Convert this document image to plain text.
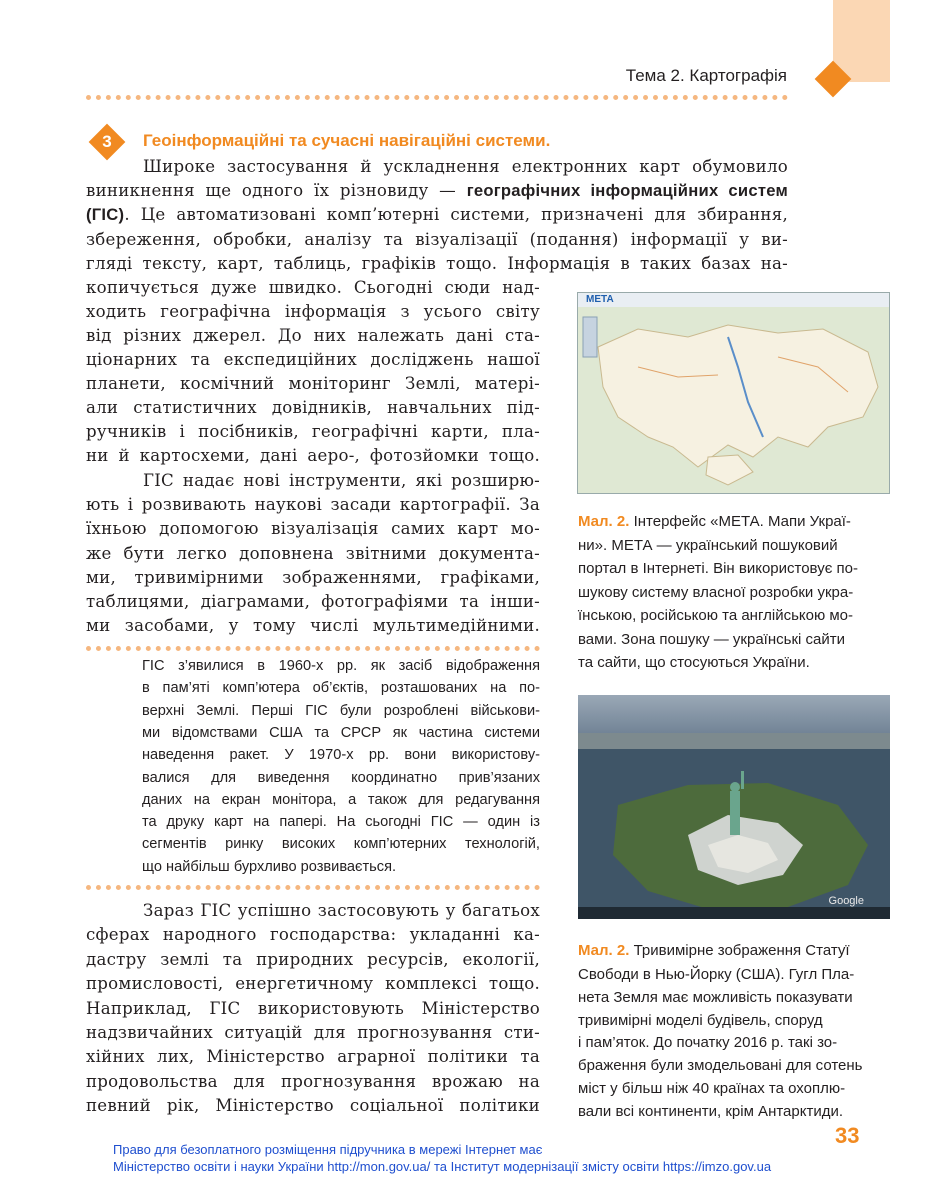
Тема 2. Картографія
3	Геоінформаційні та сучасні навігаційні системи.
Широке застосування й ускладнення електронних карт обумовило
виникнення ще одного їх різновиду — географічних інформаційних систем
(ГІС). Це автоматизовані комп’ютерні системи, призначені для збирання,
збереження, обробки, аналізу та візуалізації (подання) інформації у ви-
гляді тексту, карт, таблиць, графіків тощо. Інформація в таких базах на-
копичується дуже швидко. Сьогодні сюди над-
ходить географічна інформація з усього світу
від різних джерел. До них належать дані ста-
ціонарних та експедиційних досліджень нашої
планети, космічний моніторинг Землі, матері-
али статистичних довідників, навчальних під-
ручників і посібників, географічні карти, пла-
ни й картосхеми, дані аеро-, фотозйомки тощо.
ГІС надає нові інструменти, які розширю-
ють і розвивають наукові засади картографії. За
їхньою допомогою візуалізація самих карт мо-
же бути легко доповнена звітними документа-
ми, тривимірними зображеннями, графіками,
таблицями, діаграмами, фотографіями та інши-
ми засобами, у тому числі мультимедійними.
ГІС з’явилися в 1960-х рр. як засіб відображення
в пам’яті комп’ютера об’єктів, розташованих на по-
верхні Землі. Перші ГІС були розроблені військови-
ми відомствами США та СРСР як частина системи
наведення ракет. У 1970-х рр. вони використову-
валися для виведення координатно прив’язаних
даних на екран монітора, а також для редагування
та друку карт на папері. На сьогодні ГІС — один із
сегментів ринку високих комп’ютерних технологій,
що найбільш бурхливо розвивається.
Зараз ГІС успішно застосовують у багатьох
сферах народного господарства: укладанні ка-
дастру землі та природних ресурсів, екології,
промисловості, енергетичному комплексі тощо.
Наприклад, ГІС використовують Міністерство
надзвичайних ситуацій для прогнозування сти-
хійних лих, Міністерство аграрної політики та
продовольства для прогнозування врожаю на
певний рік, Міністерство соціальної політики
МЕТА
Мал. 2. Інтерфейс «МЕТА. Мапи Украї-
ни». МЕТА — український пошуковий
портал в Інтернеті. Він використовує по-
шукову систему власної розробки укра-
їнською, російською та англійською мо-
вами. Зона пошуку — українські сайти
та сайти, що стосуються України.
Google
Мал. 2. Тривимірне зображення Статуї
Свободи в Нью-Йорку (США). Гугл Пла-
нета Земля має можливість показувати
тривимірні моделі будівель, споруд
і пам’яток. До початку 2016 р. такі зо-
браження були змодельовані для сотень
міст у більш ніж 40 країнах та охоплю-
вали всі континенти, крім Антарктиди.
33
Право для безоплатного розміщення підручника в мережі Інтернет має
Міністерство освіти і науки України http://mon.gov.ua/ та Інститут модернізації змісту освіти https://imzo.gov.ua
